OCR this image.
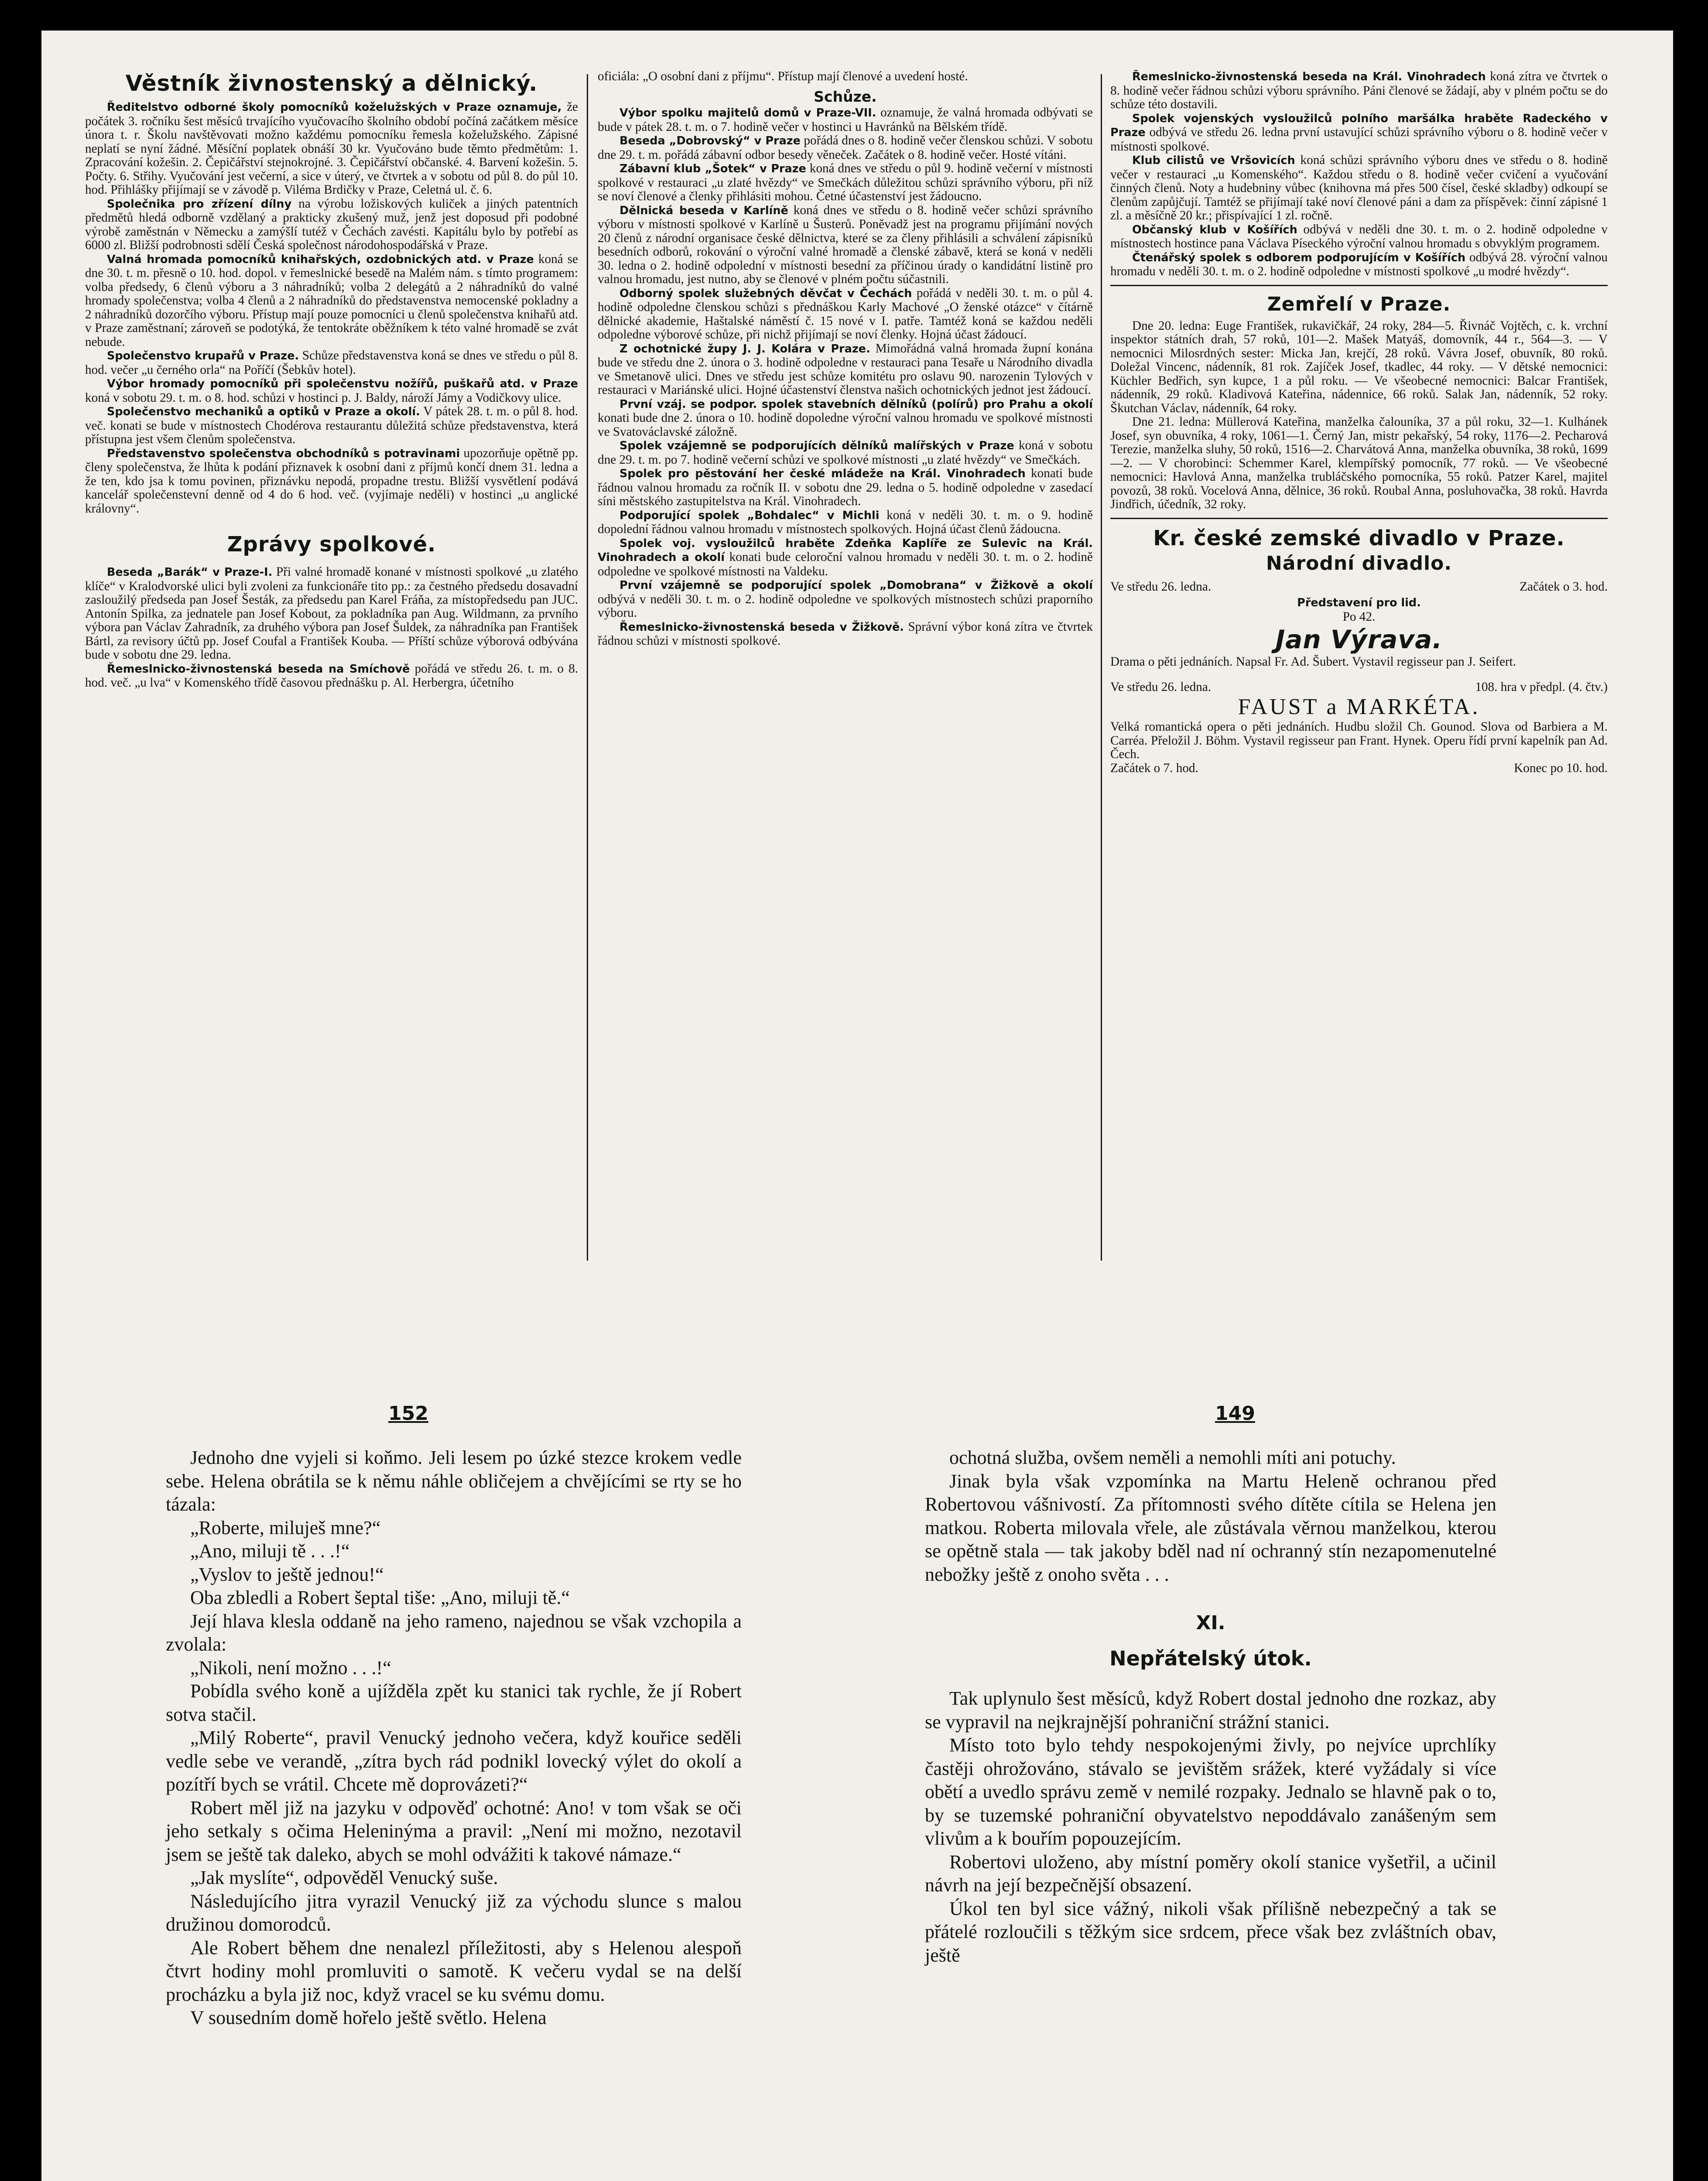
Věstník živnostenský a dělnický.

Ředitelstvo odborné školy pomocníků koželužských v Praze oznamuje, že počátek 3. ročníku šest měsíců trvajícího vyučovacího školního období počíná začátkem měsíce února t. r. Školu navštěvovati možno každému pomocníku řemesla koželužského. Zápisné neplatí se nyní žádné. Měsíční poplatek obnáší 30 kr. Vyučováno bude těmto předmětům: 1. Zpracování kožešin. 2. Čepičářství stejnokrojné. 3. Čepičářství občanské. 4. Barvení kožešin. 5. Počty. 6. Střihy. Vyučování jest večerní, a sice v úterý, ve čtvrtek a v sobotu od půl 8. do půl 10. hod. Přihlášky přijímají se v závodě p. Viléma Brdičky v Praze, Celetná ul. č. 6.

Společnika pro zřízení dílny na výrobu ložiskových kuliček a jiných patentních předmětů hledá odborně vzdělaný a prakticky zkušený muž, jenž jest doposud při podobné výrobě zaměstnán v Německu a zamýšlí tutéž v Čechách zavésti. Kapitálu bylo by potřebí as 6000 zl. Bližší podrobnosti sdělí Česká společnost národohospodářská v Praze.

Valná hromada pomocníků knihařských, ozdobnických atd. v Praze koná se dne 30. t. m. přesně o 10. hod. dopol. v řemeslnické besedě na Malém nám. s tímto programem: volba předsedy, 6 členů výboru a 3 náhradníků; volba 2 delegátů a 2 náhradníků do valné hromady společenstva; volba 4 členů a 2 náhradníků do představenstva nemocenské pokladny a 2 náhradníků dozorčího výboru. Přístup mají pouze pomocníci u členů společenstva knihařů atd. v Praze zaměstnaní; zároveň se podotýká, že tentokráte oběžníkem k této valné hromadě se zvát nebude.

Společenstvo krupařů v Praze. Schůze představenstva koná se dnes ve středu o půl 8. hod. večer „u černého orla“ na Poříčí (Šebkův hotel).

Výbor hromady pomocníků při společenstvu nožířů, puškařů atd. v Praze koná v sobotu 29. t. m. o 8. hod. schůzi v hostinci p. J. Baldy, nároží Jámy a Vodičkovy ulice.

Společenstvo mechaniků a optiků v Praze a okolí. V pátek 28. t. m. o půl 8. hod. več. konati se bude v místnostech Chodérova restaurantu důležitá schůze představenstva, která přístupna jest všem členům společenstva.

Představenstvo společenstva obchodníků s potravinami upozorňuje opětně pp. členy společenstva, že lhůta k podání přiznavek k osobní dani z příjmů končí dnem 31. ledna a že ten, kdo jsa k tomu povinen, přiznávku nepodá, propadne trestu. Bližší vysvětlení podává kancelář společenstevní denně od 4 do 6 hod. več. (vyjímaje neděli) v hostinci „u anglické královny“.

Zprávy spolkové.

Beseda „Barák“ v Praze-I. Při valné hromadě konané v místnosti spolkové „u zlatého klíče“ v Kralodvorské ulici byli zvoleni za funkcionáře tito pp.: za čestného předsedu dosavadní zasloužilý předseda pan Josef Šesták, za předsedu pan Karel Fráňa, za místopředsedu pan JUC. Antonín Spilka, za jednatele pan Josef Kobout, za pokladníka pan Aug. Wildmann, za prvního výbora pan Václav Zahradník, za druhého výbora pan Josef Šuldek, za náhradníka pan František Bártl, za revisory účtů pp. Josef Coufal a František Kouba. — Příští schůze výborová odbývána bude v sobotu dne 29. ledna.

Řemeslnicko-živnostenská beseda na Smíchově pořádá ve středu 26. t. m. o 8. hod. več. „u lva“ v Komenského třídě časovou přednášku p. Al. Herbergra, účetního

oficiála: „O osobní dani z příjmu“. Přístup mají členové a uvedení hosté.

Schůze.

Výbor spolku majitelů domů v Praze-VII. oznamuje, že valná hromada odbývati se bude v pátek 28. t. m. o 7. hodině večer v hostinci u Havránků na Bělském třídě.

Beseda „Dobrovský“ v Praze pořádá dnes o 8. hodině večer členskou schůzi. V sobotu dne 29. t. m. pořádá zábavní odbor besedy věneček. Začátek o 8. hodině večer. Hosté vítáni.

Zábavní klub „Šotek“ v Praze koná dnes ve středu o půl 9. hodině večerní v místnosti spolkové v restauraci „u zlaté hvězdy“ ve Smečkách důležitou schůzi správního výboru, při níž se noví členové a členky přihlásiti mohou. Četné účastenství jest žádoucno.

Dělnická beseda v Karlíně koná dnes ve středu o 8. hodině večer schůzi správního výboru v místnosti spolkové v Karlíně u Šusterů. Poněvadž jest na programu přijímání nových 20 členů z národní organisace české dělnictva, které se za členy přihlásili a schválení zápisníků besedních odborů, rokování o výroční valné hromadě a členské zábavě, která se koná v neděli 30. ledna o 2. hodině odpolední v místnosti besední za příčinou úrady o kandidátní listině pro valnou hromadu, jest nutno, aby se členové v plném počtu súčastnili.

Odborný spolek služebných děvčat v Čechách pořádá v neděli 30. t. m. o půl 4. hodině odpoledne členskou schůzi s přednáškou Karly Machové „O ženské otázce“ v čítárně dělnické akademie, Haštalské náměstí č. 15 nové v I. patře. Tamtéž koná se každou neděli odpoledne výborové schůze, při nichž přijímají se noví členky. Hojná účast žádoucí.

Z ochotnické župy J. J. Kolára v Praze. Mimořádná valná hromada župní konána bude ve středu dne 2. února o 3. hodině odpoledne v restauraci pana Tesaře u Národního divadla ve Smetanově ulici. Dnes ve středu jest schůze komitétu pro oslavu 90. narozenin Tylových v restauraci v Mariánské ulici. Hojné účastenství členstva našich ochotnických jednot jest žádoucí.

První vzáj. se podpor. spolek stavebních dělníků (polírů) pro Prahu a okolí konati bude dne 2. února o 10. hodině dopoledne výroční valnou hromadu ve spolkové místnosti ve Svatováclavské záložně.

Spolek vzájemně se podporujících dělníků malířských v Praze koná v sobotu dne 29. t. m. po 7. hodině večerní schůzi ve spolkové místnosti „u zlaté hvězdy“ ve Smečkách.

Spolek pro pěstování her české mládeže na Král. Vinohradech konati bude řádnou valnou hromadu za ročník II. v sobotu dne 29. ledna o 5. hodině odpoledne v zasedací síni městského zastupitelstva na Král. Vinohradech.

Podporující spolek „Bohdalec“ v Michli koná v neděli 30. t. m. o 9. hodině dopolední řádnou valnou hromadu v místnostech spolkových. Hojná účast členů žádoucna.

Spolek voj. vysloužilců hraběte Zdeňka Kaplíře ze Sulevic na Král. Vinohradech a okolí konati bude celoroční valnou hromadu v neděli 30. t. m. o 2. hodině odpoledne ve spolkové místnosti na Valdeku.

První vzájemně se podporující spolek „Domobrana“ v Žižkově a okolí odbývá v neděli 30. t. m. o 2. hodině odpoledne ve spolkových místnostech schůzi praporního výboru.

Řemeslnicko-živnostenská beseda v Žižkově. Správní výbor koná zítra ve čtvrtek řádnou schůzi v místnosti spolkové.

Řemeslnicko-živnostenská beseda na Král. Vinohradech koná zítra ve čtvrtek o 8. hodině večer řádnou schůzi výboru správního. Páni členové se žádají, aby v plném počtu se do schůze této dostavili.

Spolek vojenských vysloužilců polního maršálka hraběte Radeckého v Praze odbývá ve středu 26. ledna první ustavující schůzi správního výboru o 8. hodině večer v místnosti spolkové.

Klub cilistů ve Vršovicích koná schůzi správního výboru dnes ve středu o 8. hodině večer v restauraci „u Komenského“. Každou středu o 8. hodině večer cvičení a vyučování činných členů. Noty a hudebniny vůbec (knihovna má přes 500 čísel, české skladby) odkoupí se členům zapůjčují. Tamtéž se přijímají také noví členové páni a dam za příspěvek: činní zápisné 1 zl. a měsíčně 20 kr.; přispívající 1 zl. ročně.

Občanský klub v Košířích odbývá v neděli dne 30. t. m. o 2. hodině odpoledne v místnostech hostince pana Václava Píseckého výroční valnou hromadu s obvyklým programem.

Čtenářský spolek s odborem podporujícím v Košířích odbývá 28. výroční valnou hromadu v neděli 30. t. m. o 2. hodině odpoledne v místnosti spolkové „u modré hvězdy“.

Zemřelí v Praze.

Dne 20. ledna: Euge František, rukavičkář, 24 roky, 284—5. Řivnáč Vojtěch, c. k. vrchní inspektor státních drah, 57 roků, 101—2. Mašek Matyáš, domovník, 44 r., 564—3. — V nemocnici Milosrdných sester: Micka Jan, krejčí, 28 roků. Vávra Josef, obuvník, 80 roků. Doležal Vincenc, nádenník, 81 rok. Zajíček Josef, tkadlec, 44 roky. — V dětské nemocnici: Küchler Bedřich, syn kupce, 1 a půl roku. — Ve všeobecné nemocnici: Balcar František, nádenník, 29 roků. Kladivová Kateřina, nádennice, 66 roků. Salak Jan, nádenník, 52 roky. Škutchan Václav, nádenník, 64 roky.

Dne 21. ledna: Müllerová Kateřina, manželka čalouníka, 37 a půl roku, 32—1. Kulhánek Josef, syn obuvníka, 4 roky, 1061—1. Černý Jan, mistr pekařský, 54 roky, 1176—2. Pecharová Terezie, manželka sluhy, 50 roků, 1516—2. Charvátová Anna, manželka obuvníka, 38 roků, 1699—2. — V chorobinci: Schemmer Karel, klempířský pomocník, 77 roků. — Ve všeobecné nemocnici: Havlová Anna, manželka trubláčského pomocníka, 55 roků. Patzer Karel, majitel povozů, 38 roků. Vocelová Anna, dělnice, 36 roků. Roubal Anna, posluhovačka, 38 roků. Havrda Jindřich, účedník, 32 roky.

Kr. české zemské divadlo v Praze.
Národní divadlo.
Ve středu 26. ledna.	Začátek o 3. hod.
Představení pro lid.
Po 42.
Jan Výrava.

Drama o pěti jednáních. Napsal Fr. Ad. Šubert. Vystavil regisseur pan J. Seifert.

Ve středu 26. ledna.	108. hra v předpl. (4. čtv.)
FAUST a MARKÉTA.

Velká romantická opera o pěti jednáních. Hudbu složil Ch. Gounod. Slova od Barbiera a M. Carréa. Přeložil J. Böhm. Vystavil regisseur pan Frant. Hynek. Operu řídí první kapelník pan Ad. Čech.

Začátek o 7. hod.	Konec po 10. hod.
152	149

Jednoho dne vyjeli si koňmo. Jeli lesem po úzké stezce krokem vedle sebe. Helena obrátila se k němu náhle obličejem a chvějícími se rty se ho tázala:

„Roberte, miluješ mne?“

„Ano, miluji tě . . .!“

„Vyslov to ještě jednou!“

Oba zbledli a Robert šeptal tiše: „Ano, miluji tě.“

Její hlava klesla oddaně na jeho rameno, najednou se však vzchopila a zvolala:

„Nikoli, není možno . . .!“

Pobídla svého koně a ujížděla zpět ku stanici tak rychle, že jí Robert sotva stačil.

„Milý Roberte“, pravil Venucký jednoho večera, když kouřice seděli vedle sebe ve verandě, „zítra bych rád podnikl lovecký výlet do okolí a pozítří bych se vrátil. Chcete mě doprovázeti?“

Robert měl již na jazyku v odpověď ochotné: Ano! v tom však se oči jeho setkaly s očima Heleninýma a pravil: „Není mi možno, nezotavil jsem se ještě tak daleko, abych se mohl odvážiti k takové námaze.“

„Jak myslíte“, odpověděl Venucký suše.

Následujícího jitra vyrazil Venucký již za východu slunce s malou družinou domorodců.

Ale Robert během dne nenalezl příležitosti, aby s Helenou alespoň čtvrt hodiny mohl promluviti o samotě. K večeru vydal se na delší procházku a byla již noc, když vracel se ku svému domu.

V sousedním domě hořelo ještě světlo. Helena

ochotná služba, ovšem neměli a nemohli míti ani potuchy.

Jinak byla však vzpomínka na Martu Heleně ochranou před Robertovou vášnivostí. Za přítomnosti svého dítěte cítila se Helena jen matkou. Roberta milovala vřele, ale zůstávala věrnou manželkou, kterou se opětně stala — tak jakoby bděl nad ní ochranný stín nezapomenutelné nebožky ještě z onoho světa . . .

XI.
Nepřátelský útok.

Tak uplynulo šest měsíců, když Robert dostal jednoho dne rozkaz, aby se vypravil na nejkrajnější pohraniční strážní stanici.

Místo toto bylo tehdy nespokojenými živly, po nejvíce uprchlíky častěji ohrožováno, stávalo se jevištěm srážek, které vyžádaly si více obětí a uvedlo správu země v nemilé rozpaky. Jednalo se hlavně pak o to, by se tuzemské pohraniční obyvatelstvo nepoddávalo zanášeným sem vlivům a k bouřím popouzejícím.

Robertovi uloženo, aby místní poměry okolí stanice vyšetřil, a učinil návrh na její bezpečnější obsazení.

Úkol ten byl sice vážný, nikoli však přílišně nebezpečný a tak se přátelé rozloučili s těžkým sice srdcem, přece však bez zvláštních obav, ještě
